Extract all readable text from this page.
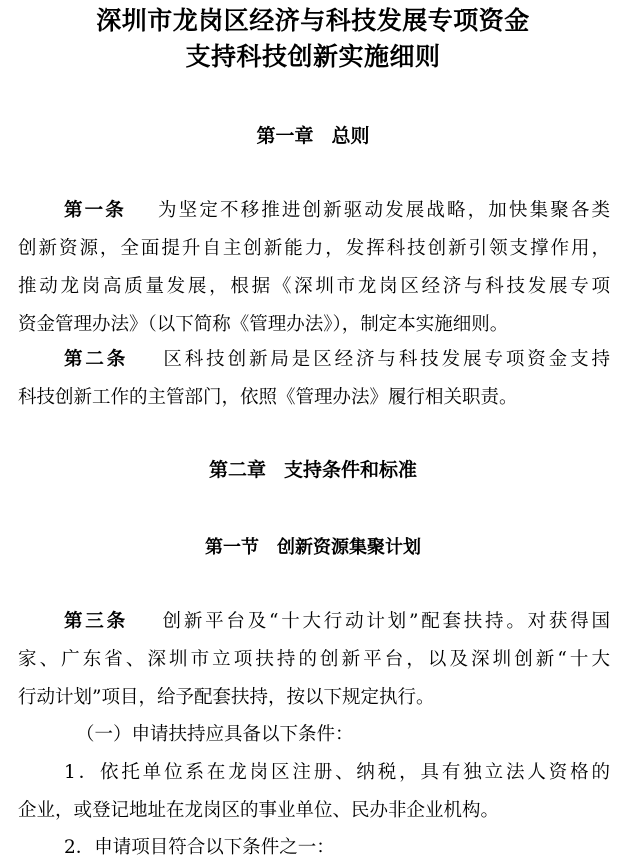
深圳市龙岗区经济与科技发展专项资金
支持科技创新实施细则
第一章 总则
第一条 为坚定不移推进创新驱动发展战略，加快集聚各类
创新资源，全面提升自主创新能力，发挥科技创新引领支撑作用，
推动龙岗高质量发展，根据《深圳市龙岗区经济与科技发展专项
资金管理办法》（以下简称《管理办法》），制定本实施细则。
第二条 区科技创新局是区经济与科技发展专项资金支持
科技创新工作的主管部门，依照《管理办法》履行相关职责。
第二章 支持条件和标准
第一节 创新资源集聚计划
第三条 创新平台及“十大行动计划”配套扶持。对获得国
家、广东省、深圳市立项扶持的创新平台，以及深圳创新“十大
行动计划”项目，给予配套扶持，按以下规定执行。
（一）申请扶持应具备以下条件：
1．依托单位系在龙岗区注册、纳税，具有独立法人资格的
企业，或登记地址在龙岗区的事业单位、民办非企业机构。
2．申请项目符合以下条件之一：
